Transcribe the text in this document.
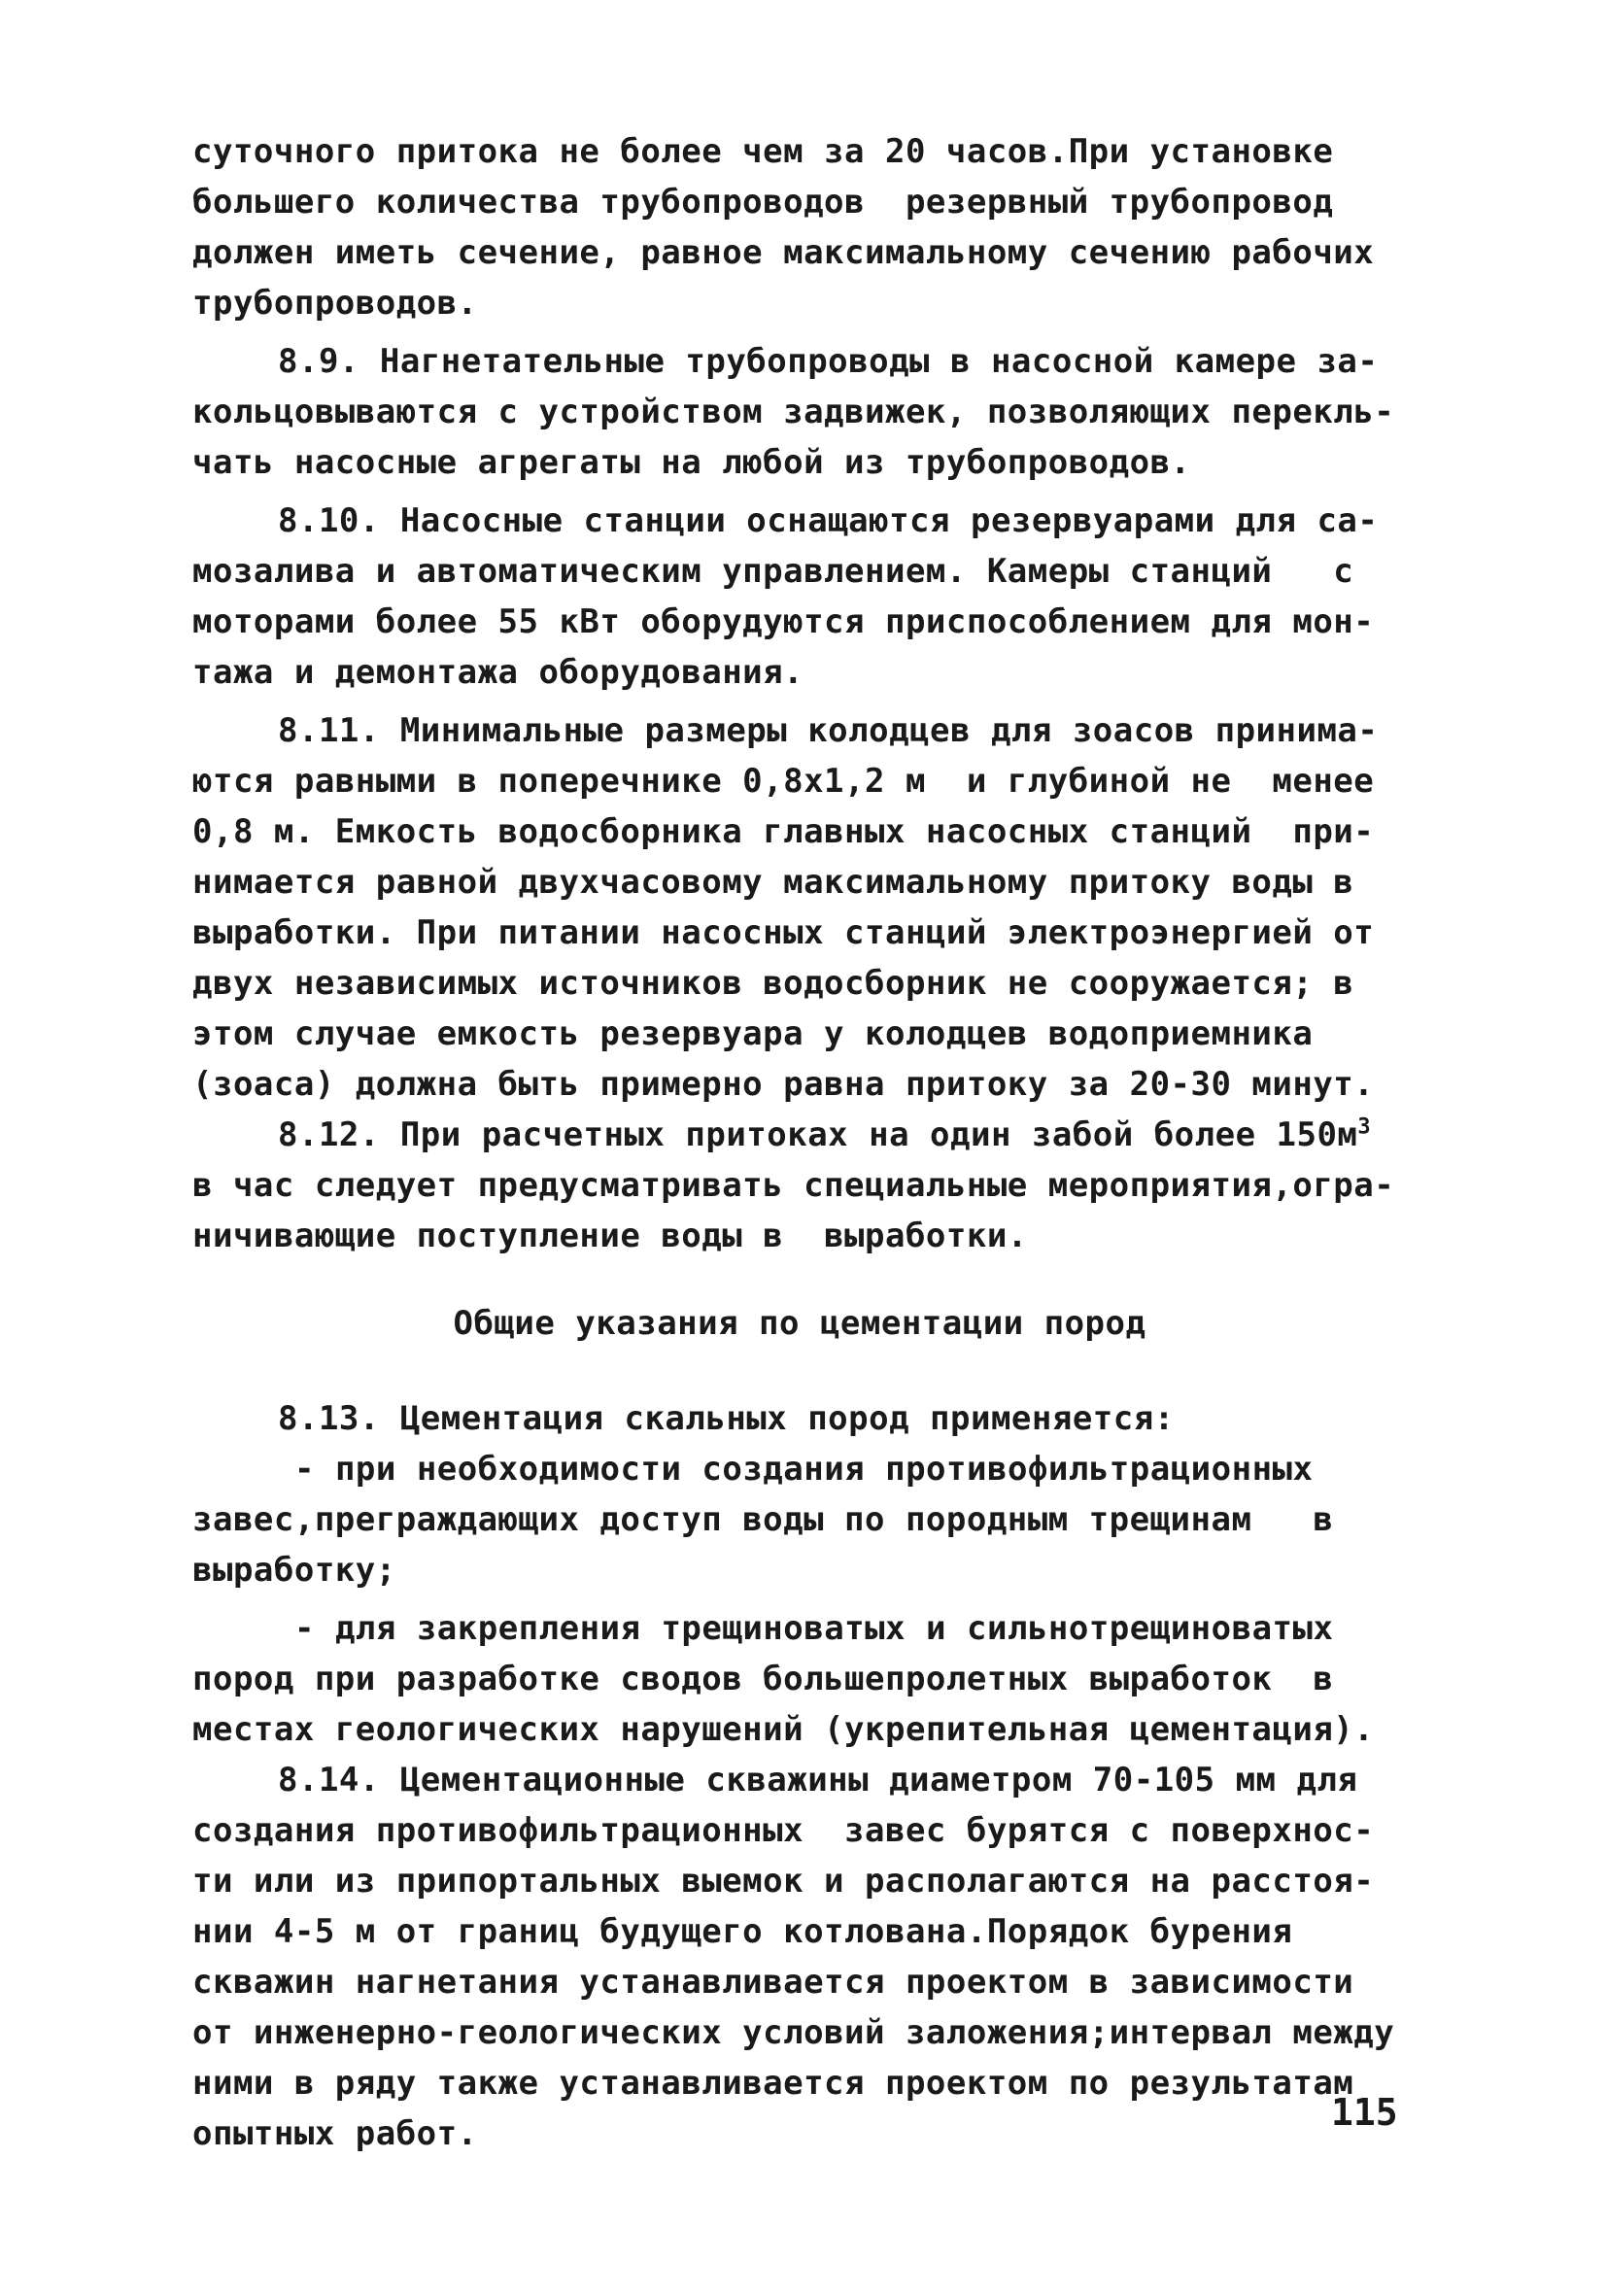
суточного притока не более чем за 20 часов.При установке
большего количества трубопроводов  резервный трубопровод
должен иметь сечение, равное максимальному сечению рабочих
трубопроводов.
8.9. Нагнетательные трубопроводы в насосной камере за-
кольцовываются с устройством задвижек, позволяющих перекль-
чать насосные агрегаты на любой из трубопроводов.
8.10. Насосные станции оснащаются резервуарами для са-
мозалива и автоматическим управлением. Камеры станций   с
моторами более 55 кВт оборудуются приспособлением для мон-
тажа и демонтажа оборудования.
8.11. Минимальные размеры колодцев для зоасов принима-
ются равными в поперечнике 0,8x1,2 м  и глубиной не  менее
0,8 м. Емкость водосборника главных насосных станций  при-
нимается равной двухчасовому максимальному притоку воды в
выработки. При питании насосных станций электроэнергией от
двух независимых источников водосборник не сооружается; в
этом случае емкость резервуара у колодцев водоприемника
(зоаса) должна быть примерно равна притоку за 20-30 минут.
8.12. При расчетных притоках на один забой более $150м^3$
в час следует предусматривать специальные мероприятия,огра-
ничивающие поступление воды в  выработки.
Общие указания по цементации пород
8.13. Цементация скальных пород применяется:
- при необходимости создания противофильтрационных
завес,преграждающих доступ воды по породным трещинам   в
выработку;
- для закрепления трещиноватых и сильнотрещиноватых
пород при разработке сводов большепролетных выработок  в
местах геологических нарушений (укрепительная цементация).
8.14. Цементационные скважины диаметром 70-105 мм для
создания противофильтрационных  завес бурятся с поверхнос-
ти или из припортальных выемок и располагаются на расстоя-
нии 4-5 м от границ будущего котлована.Порядок бурения
скважин нагнетания устанавливается проектом в зависимости
от инженерно-геологических условий заложения;интервал между
ними в ряду также устанавливается проектом по результатам
опытных работ.	115
